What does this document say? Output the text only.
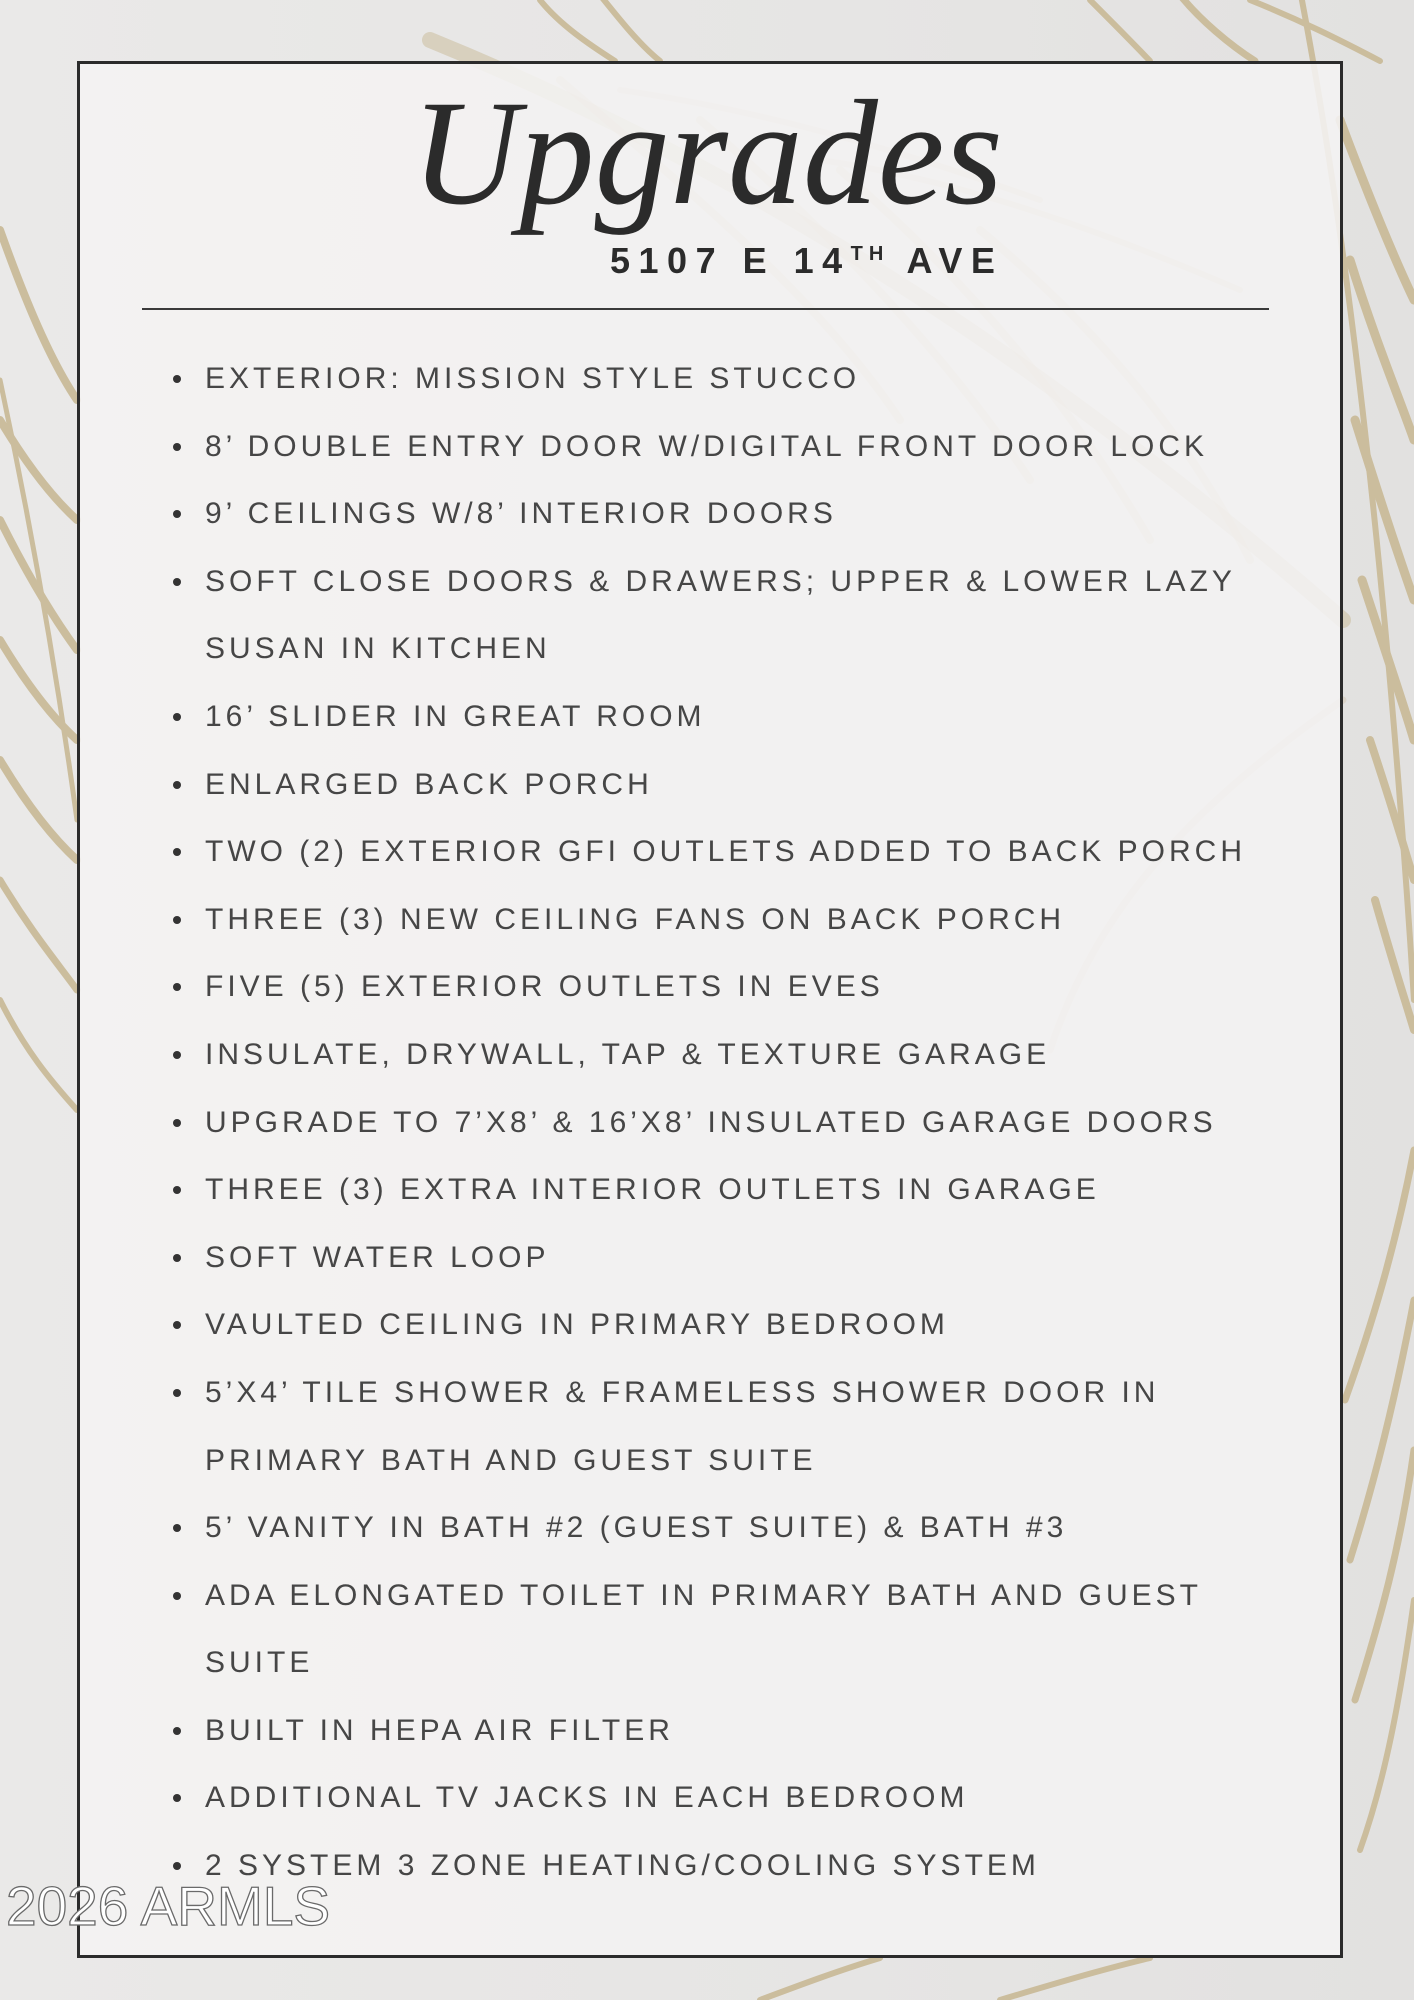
Upgrades
5107 E 14TH AVE
EXTERIOR: MISSION STYLE STUCCO
8’ DOUBLE ENTRY DOOR W/DIGITAL FRONT DOOR LOCK
9’ CEILINGS W/8’ INTERIOR DOORS
SOFT CLOSE DOORS & DRAWERS; UPPER & LOWER LAZY SUSAN IN KITCHEN
16’ SLIDER IN GREAT ROOM
ENLARGED BACK PORCH
TWO (2) EXTERIOR GFI OUTLETS ADDED TO BACK PORCH
THREE (3) NEW CEILING FANS ON BACK PORCH
FIVE (5) EXTERIOR OUTLETS IN EVES
INSULATE, DRYWALL, TAP & TEXTURE GARAGE
UPGRADE TO 7’X8’ & 16’X8’ INSULATED GARAGE DOORS
THREE (3) EXTRA INTERIOR OUTLETS IN GARAGE
SOFT WATER LOOP
VAULTED CEILING IN PRIMARY BEDROOM
5’X4’ TILE SHOWER & FRAMELESS SHOWER DOOR IN PRIMARY BATH AND GUEST SUITE
5’ VANITY IN BATH #2 (GUEST SUITE) & BATH #3
ADA ELONGATED TOILET IN PRIMARY BATH AND GUEST SUITE
BUILT IN HEPA AIR FILTER
ADDITIONAL TV JACKS IN EACH BEDROOM
2 SYSTEM 3 ZONE HEATING/COOLING SYSTEM
2026 ARMLS
